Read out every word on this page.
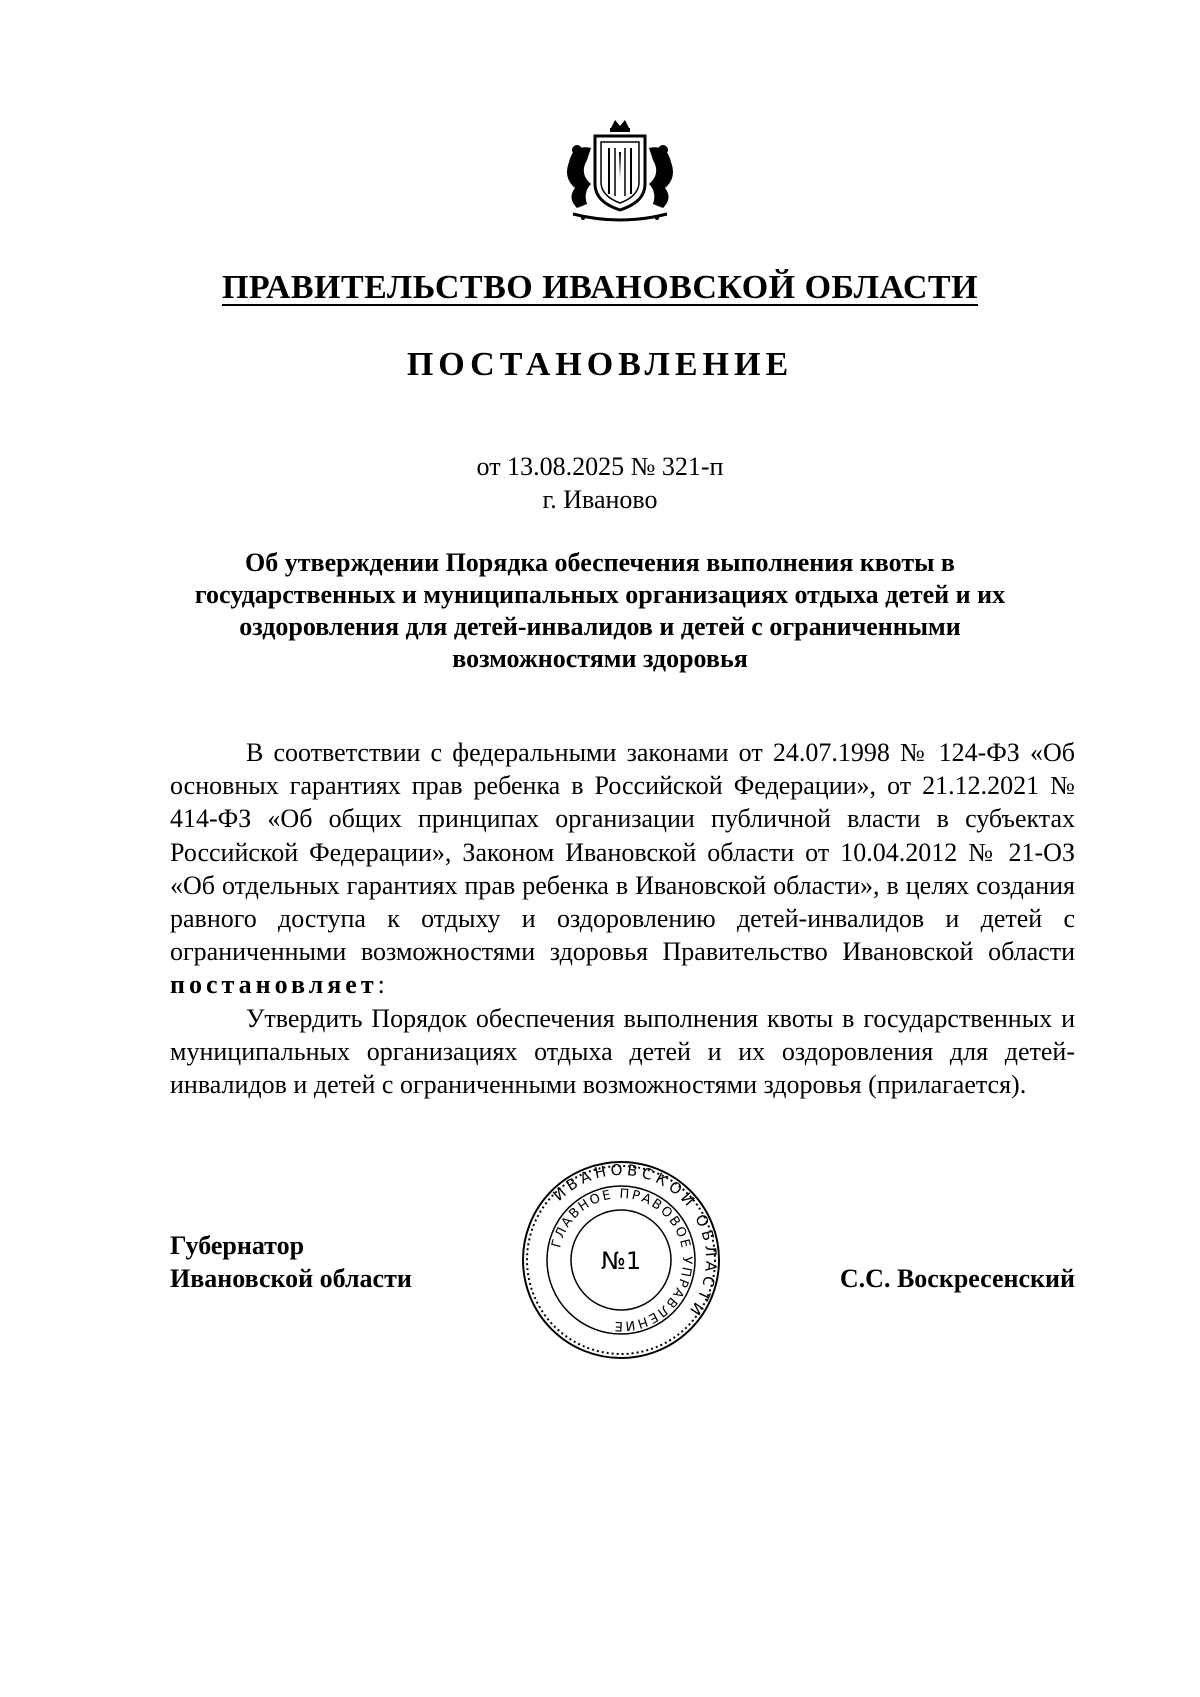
ПРАВИТЕЛЬСТВО ИВАНОВСКОЙ ОБЛАСТИ
ПОСТАНОВЛЕНИЕ
от 13.08.2025 № 321-п
г. Иваново
Об утверждении Порядка обеспечения выполнения квоты в государственных и муниципальных организациях отдыха детей и их оздоровления для детей-инвалидов и детей с ограниченными возможностями здоровья

В соответствии с федеральными законами от 24.07.1998 № 124-ФЗ «Об основных гарантиях прав ребенка в Российской Федерации», от 21.12.2021 № 414-ФЗ «Об общих принципах организации публичной власти в субъектах Российской Федерации», Законом Ивановской области от 10.04.2012 № 21-ОЗ «Об отдельных гарантиях прав ребенка в Ивановской области», в целях создания равного доступа к отдыху и оздоровлению детей-инвалидов и детей с ограниченными возможностями здоровья Правительство Ивановской области постановляет:

Утвердить Порядок обеспечения выполнения квоты в государственных и муниципальных организациях отдыха детей и их оздоровления для детей-инвалидов и детей с ограниченными возможностями здоровья (прилагается).

Губернатор
Ивановской области
ИВАНОВСКОЙ ОБЛАСТИ
ГЛАВНОЕ ПРАВОВОЕ УПРАВЛЕНИЕ
№1
С.С. Воскресенский
